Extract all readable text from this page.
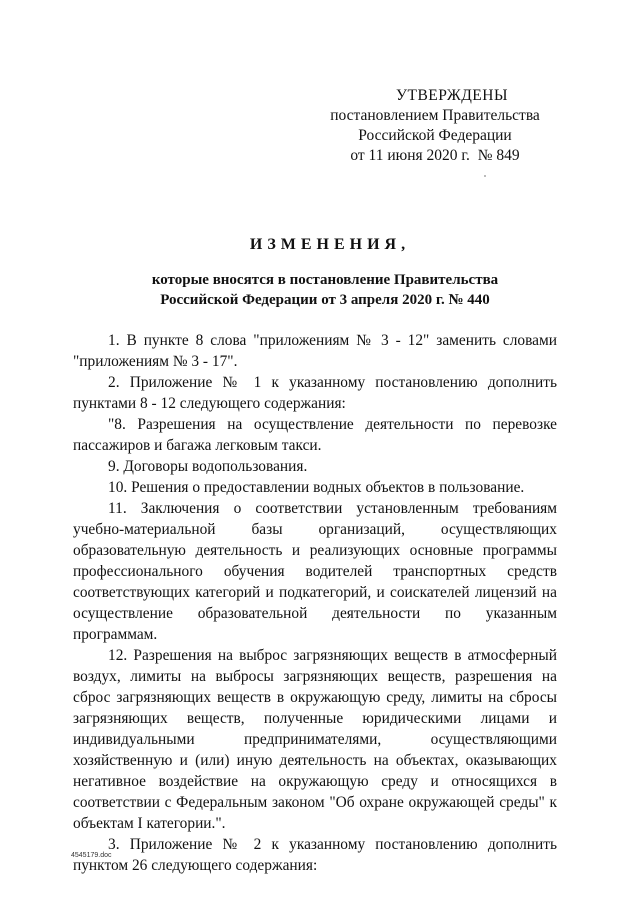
УТВЕРЖДЕНЫ
постановлением Правительства
Российской Федерации
от 11 июня 2020 г. № 849
ИЗМЕНЕНИЯ,
которые вносятся в постановление Правительства
Российской Федерации от 3 апреля 2020 г. № 440

1. В пункте 8 слова "приложениям № 3 - 12" заменить словами "приложениям № 3 - 17".

2. Приложение № 1 к указанному постановлению дополнить пунктами 8 - 12 следующего содержания:

"8. Разрешения на осуществление деятельности по перевозке пассажиров и багажа легковым такси.

9. Договоры водопользования.

10. Решения о предоставлении водных объектов в пользование.

11. Заключения о соответствии установленным требованиям учебно-материальной базы организаций, осуществляющих образовательную деятельность и реализующих основные программы профессионального обучения водителей транспортных средств соответствующих категорий и подкатегорий, и соискателей лицензий на осуществление образовательной деятельности по указанным программам.

12. Разрешения на выброс загрязняющих веществ в атмосферный воздух, лимиты на выбросы загрязняющих веществ, разрешения на сброс загрязняющих веществ в окружающую среду, лимиты на сбросы загрязняющих веществ, полученные юридическими лицами и индивидуальными предпринимателями, осуществляющими хозяйственную и (или) иную деятельность на объектах, оказывающих негативное воздействие на окружающую среду и относящихся в соответствии с Федеральным законом "Об охране окружающей среды" к объектам I категории.".

3. Приложение № 2 к указанному постановлению дополнить пунктом 26 следующего содержания:

4545179.doc
